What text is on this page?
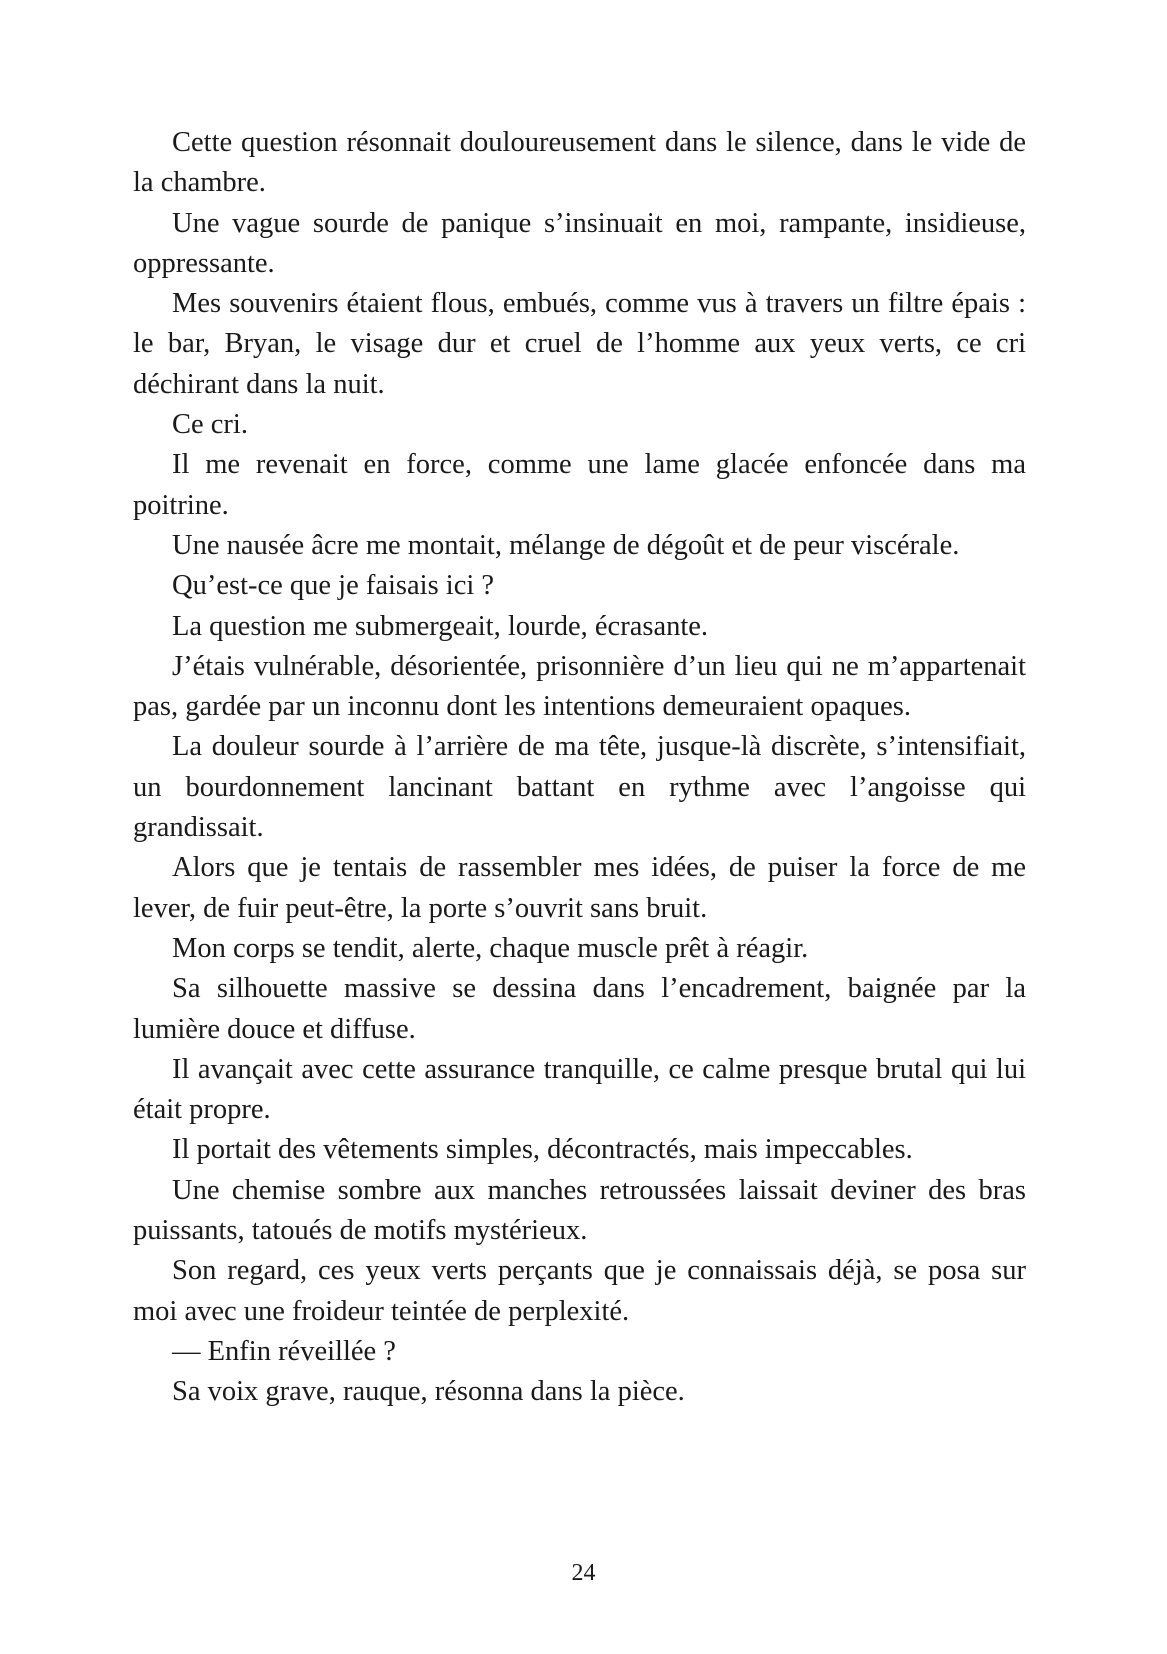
Cette question résonnait douloureusement dans le silence, dans le vide de la chambre.

Une vague sourde de panique s’insinuait en moi, rampante, insidieuse, oppressante.

Mes souvenirs étaient flous, embués, comme vus à travers un filtre épais : le bar, Bryan, le visage dur et cruel de l’homme aux yeux verts, ce cri déchirant dans la nuit.

Ce cri.

Il me revenait en force, comme une lame glacée enfoncée dans ma poitrine.

Une nausée âcre me montait, mélange de dégoût et de peur viscérale.

Qu’est-ce que je faisais ici ?

La question me submergeait, lourde, écrasante.

J’étais vulnérable, désorientée, prisonnière d’un lieu qui ne m’appartenait pas, gardée par un inconnu dont les intentions demeuraient opaques.

La douleur sourde à l’arrière de ma tête, jusque-là discrète, s’intensifiait, un bourdonnement lancinant battant en rythme avec l’angoisse qui grandissait.

Alors que je tentais de rassembler mes idées, de puiser la force de me lever, de fuir peut-être, la porte s’ouvrit sans bruit.

Mon corps se tendit, alerte, chaque muscle prêt à réagir.

Sa silhouette massive se dessina dans l’encadrement, baignée par la lumière douce et diffuse.

Il avançait avec cette assurance tranquille, ce calme presque brutal qui lui était propre.

Il portait des vêtements simples, décontractés, mais impeccables.

Une chemise sombre aux manches retroussées laissait deviner des bras puissants, tatoués de motifs mystérieux.

Son regard, ces yeux verts perçants que je connaissais déjà, se posa sur moi avec une froideur teintée de perplexité.

— Enfin réveillée ?

Sa voix grave, rauque, résonna dans la pièce.

24
